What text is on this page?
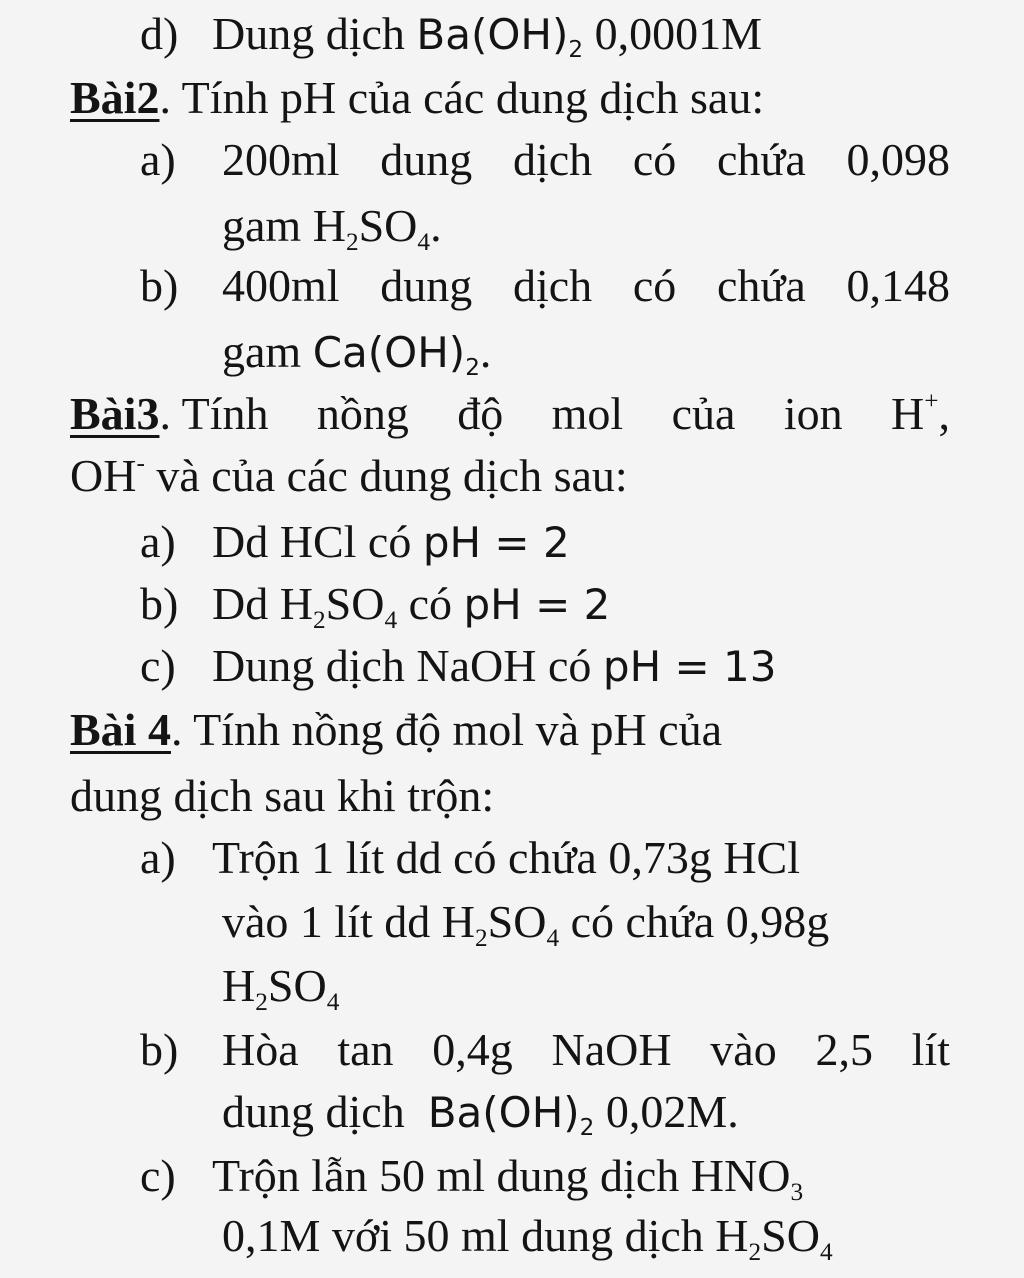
d) Dung dịch $Ba(OH)_2$ 0,0001M
Bài2. Tính pH của các dung dịch sau:
a)	200ml dung dịch có chứa 0,098
gam $H_2SO_4$.
b) 400ml dung dịch có chứa 0,148
gam $Ca(OH)_2$.
Bài3. Tính nồng độ mol của ion H+,
OH- và của các dung dịch sau:
a) Dd HCl có pH = 2
b) Dd $H_2SO_4$ có pH = 2
c) Dung dịch NaOH có pH = 13
Bài 4. Tính nồng độ mol và pH của
dung dịch sau khi trộn:
a) Trộn 1 lít dd có chứa 0,73g HCl
vào 1 lít dd $H_2SO_4$ có chứa 0,98g
$H_2SO_4$
b) Hòa tan 0,4g NaOH vào 2,5 lít
dung dịch  $Ba(OH)_2$ 0,02M.
c) Trộn lẫn 50 ml dung dịch $HNO_3$
0,1M với 50 ml dung dịch $H_2SO_4$
